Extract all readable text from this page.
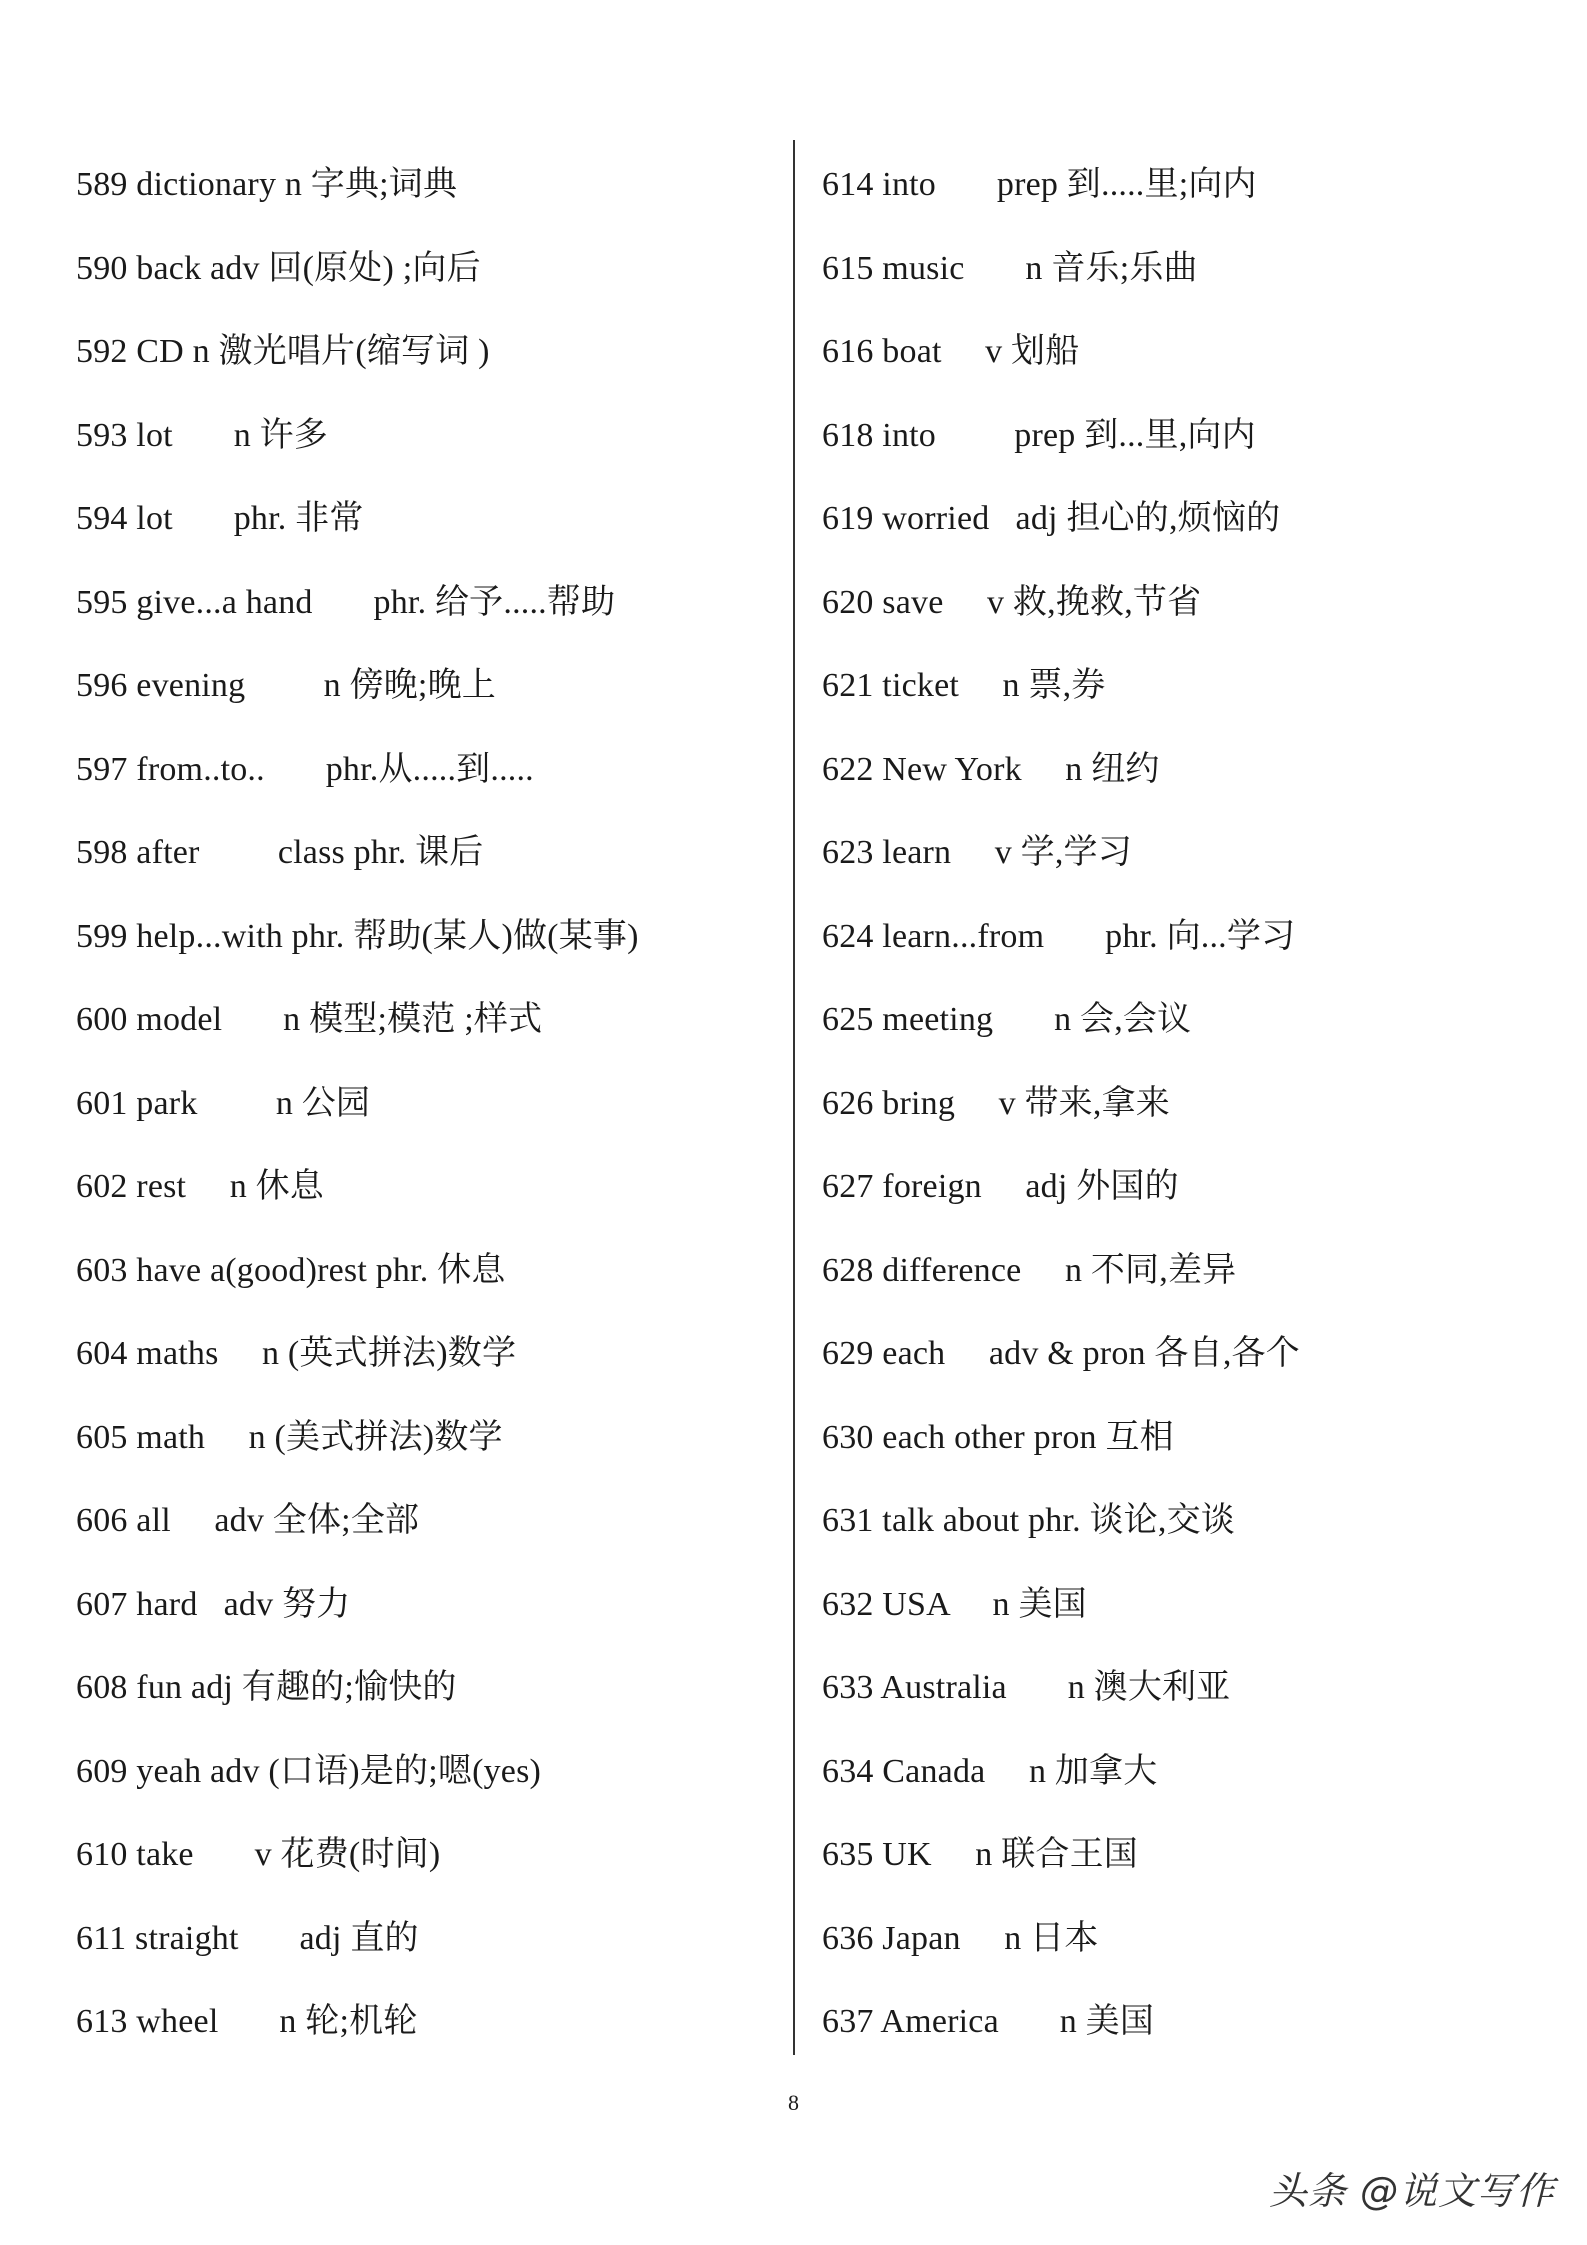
589 dictionary n 字典;词典
590 back adv 回(原处) ;向后
592 CD n 激光唱片(缩写词 )
593 lot       n 许多
594 lot       phr. 非常
595 give...a hand       phr. 给予.....帮助
596 evening         n 傍晚;晚上
597 from..to..       phr.从.....到.....
598 after         class phr. 课后
599 help...with phr. 帮助(某人)做(某事)
600 model       n 模型;模范 ;样式
601 park         n 公园
602 rest     n 休息
603 have a(good)rest phr. 休息
604 maths     n (英式拼法)数学
605 math     n (美式拼法)数学
606 all     adv 全体;全部
607 hard   adv 努力
608 fun adj 有趣的;愉快的
609 yeah adv (口语)是的;嗯(yes)
610 take       v 花费(时间)
611 straight       adj 直的
613 wheel       n 轮;机轮
614 into       prep 到.....里;向内
615 music       n 音乐;乐曲
616 boat     v 划船
618 into         prep 到...里,向内
619 worried   adj 担心的,烦恼的
620 save     v 救,挽救,节省
621 ticket     n 票,券
622 New York     n 纽约
623 learn     v 学,学习
624 learn...from       phr. 向...学习
625 meeting       n 会,会议
626 bring     v 带来,拿来
627 foreign     adj 外国的
628 difference     n 不同,差异
629 each     adv & pron 各自,各个
630 each other pron 互相
631 talk about phr. 谈论,交谈
632 USA     n 美国
633 Australia       n 澳大利亚
634 Canada     n 加拿大
635 UK     n 联合王国
636 Japan     n 日本
637 America       n 美国
8
头条 @说文写作
